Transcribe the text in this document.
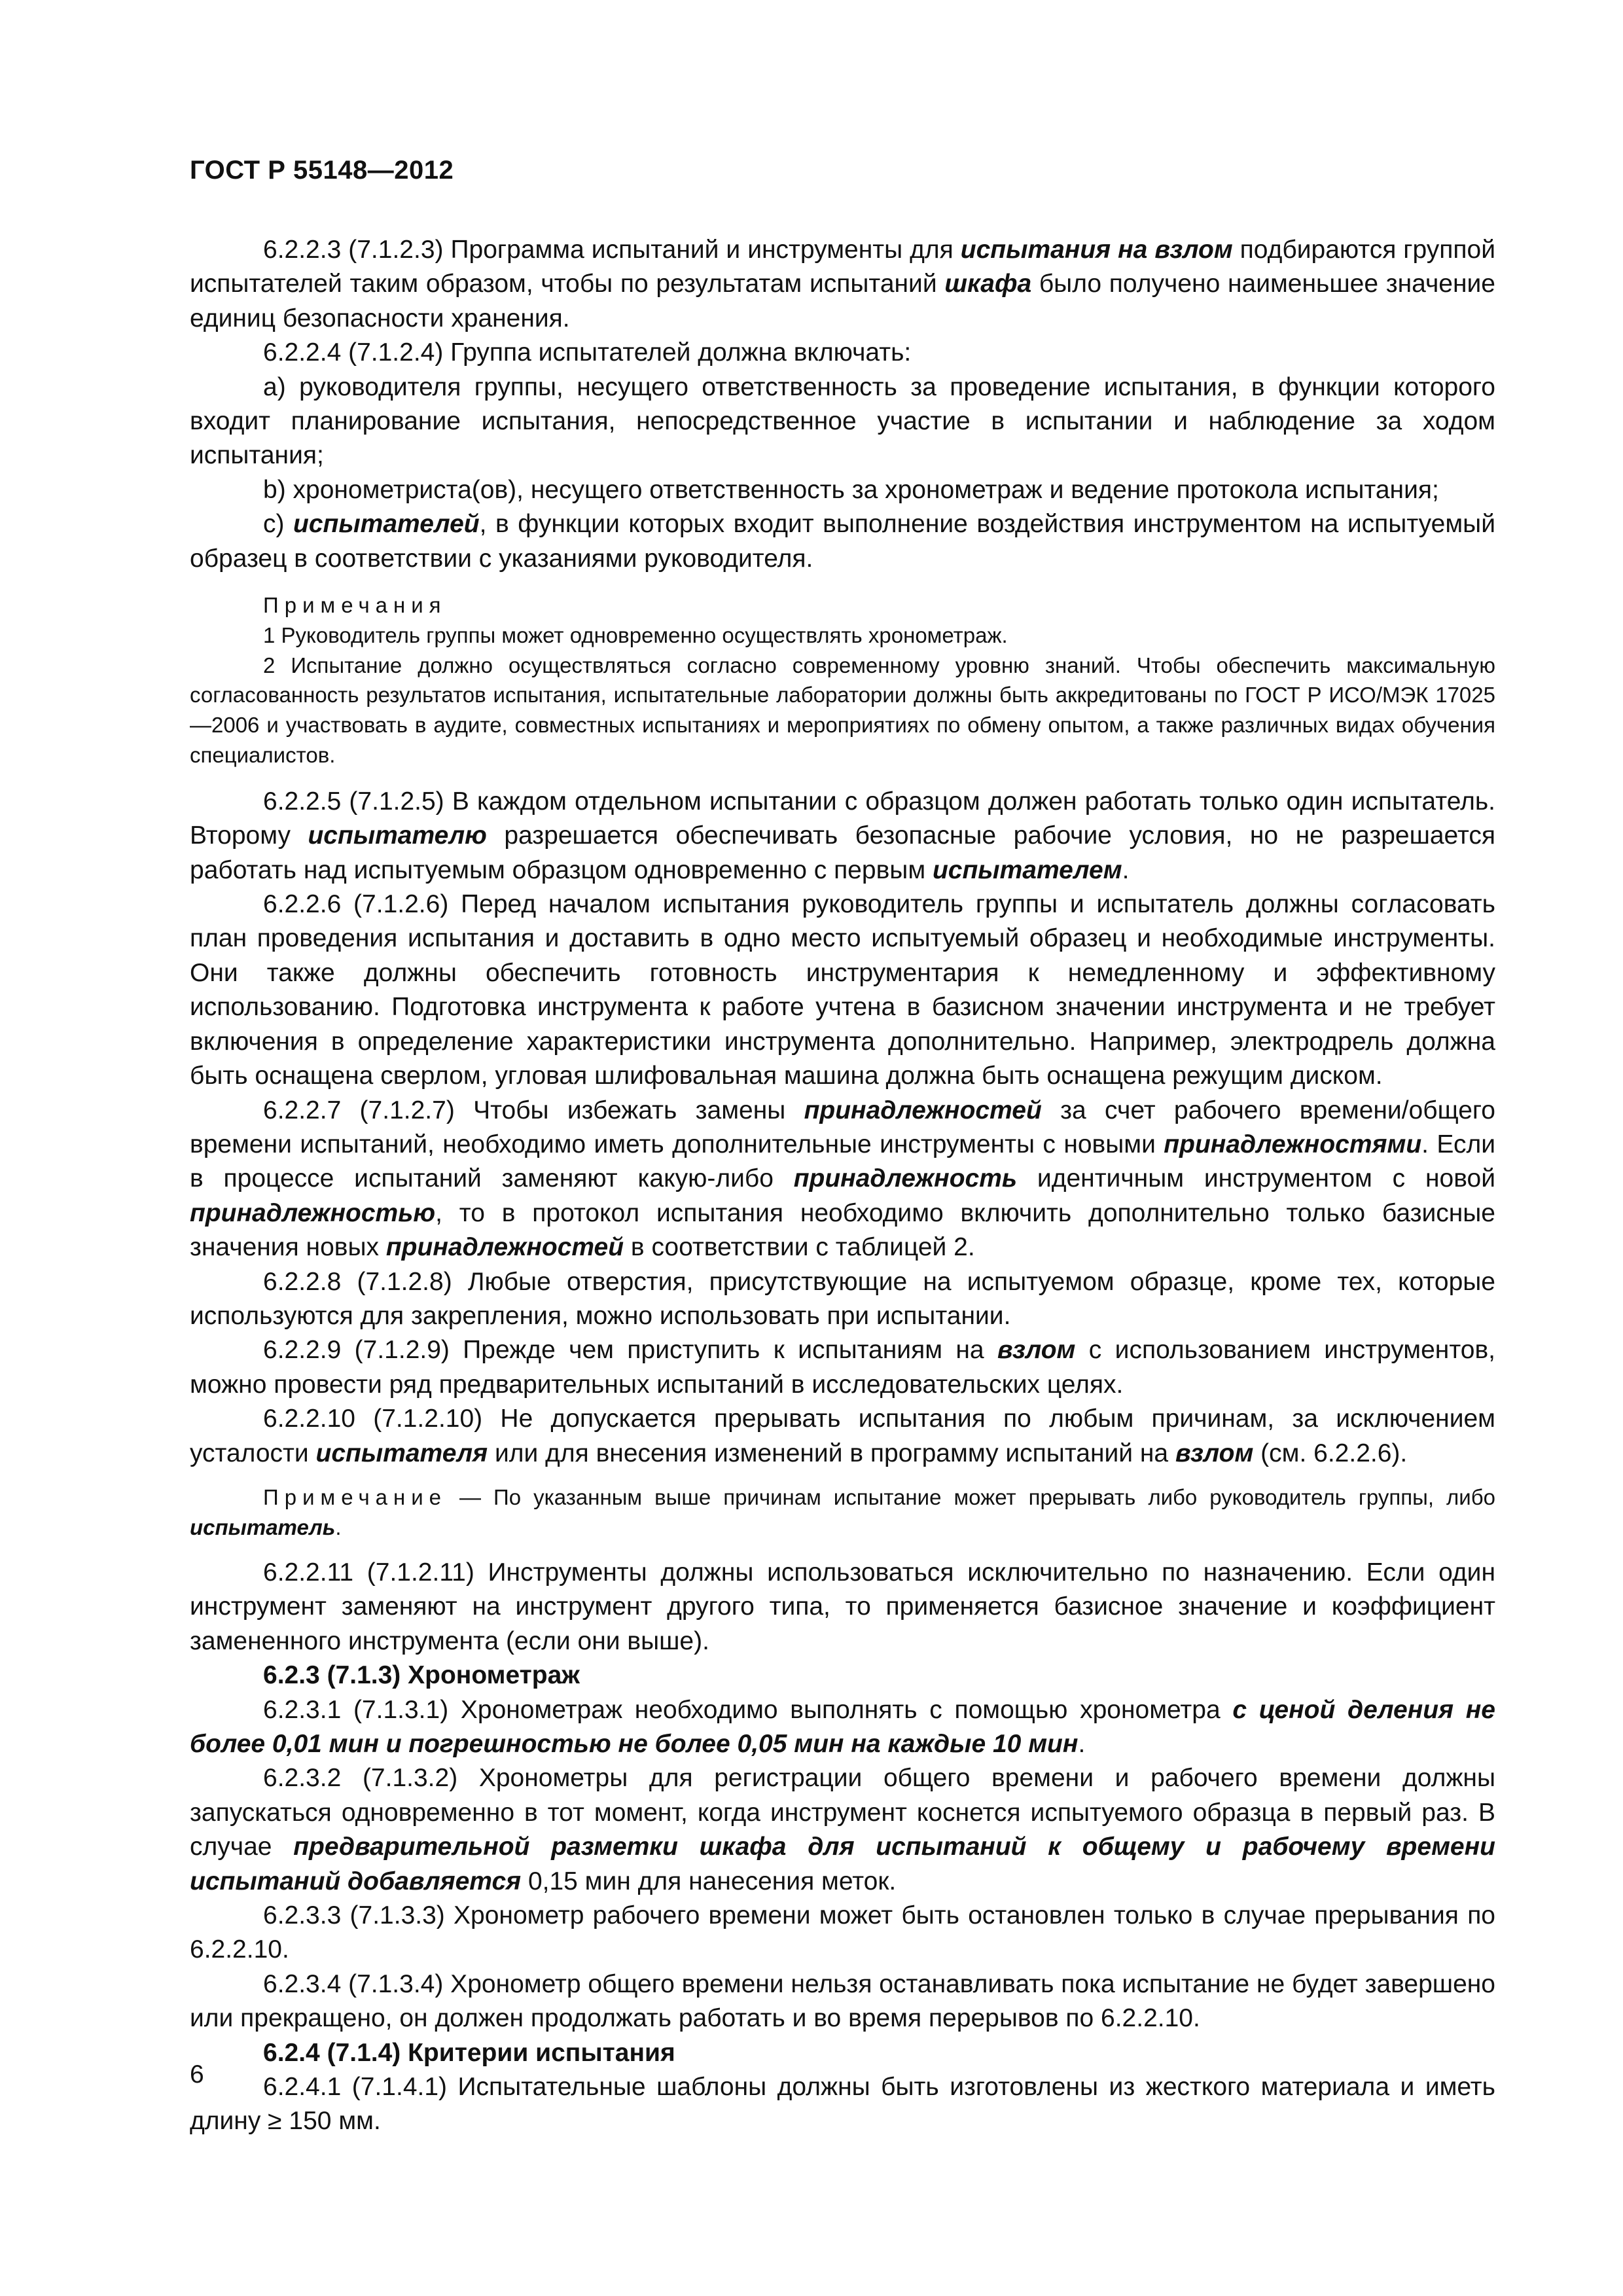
ГОСТ Р 55148—2012

6.2.2.3 (7.1.2.3) Программа испытаний и инструменты для испытания на взлом подбираются группой испытателей таким образом, чтобы по результатам испытаний шкафа было получено наименьшее значение единиц безопасности хранения.

6.2.2.4 (7.1.2.4) Группа испытателей должна включать:

a) руководителя группы, несущего ответственность за проведение испытания, в функции которого входит планирование испытания, непосредственное участие в испытании и наблюдение за ходом испытания;

b) хронометриста(ов), несущего ответственность за хронометраж и ведение протокола испытания;

c) испытателей, в функции которых входит выполнение воздействия инструментом на испытуемый образец в соответствии с указаниями руководителя.

Примечания

1 Руководитель группы может одновременно осуществлять хронометраж.

2 Испытание должно осуществляться согласно современному уровню знаний. Чтобы обеспечить максимальную согласованность результатов испытания, испытательные лаборатории должны быть аккредитованы по ГОСТ Р ИСО/МЭК 17025—2006 и участвовать в аудите, совместных испытаниях и мероприятиях по обмену опытом, а также различных видах обучения специалистов.

6.2.2.5 (7.1.2.5) В каждом отдельном испытании с образцом должен работать только один испытатель. Второму испытателю разрешается обеспечивать безопасные рабочие условия, но не разрешается работать над испытуемым образцом одновременно с первым испытателем.

6.2.2.6 (7.1.2.6) Перед началом испытания руководитель группы и испытатель должны согласовать план проведения испытания и доставить в одно место испытуемый образец и необходимые инструменты. Они также должны обеспечить готовность инструментария к немедленному и эффективному использованию. Подготовка инструмента к работе учтена в базисном значении инструмента и не требует включения в определение характеристики инструмента дополнительно. Например, электродрель должна быть оснащена сверлом, угловая шлифовальная машина должна быть оснащена режущим диском.

6.2.2.7 (7.1.2.7) Чтобы избежать замены принадлежностей за счет рабочего времени/общего времени испытаний, необходимо иметь дополнительные инструменты с новыми принадлежностями. Если в процессе испытаний заменяют какую-либо принадлежность идентичным инструментом с новой принадлежностью, то в протокол испытания необходимо включить дополнительно только базисные значения новых принадлежностей в соответствии с таблицей 2.

6.2.2.8 (7.1.2.8) Любые отверстия, присутствующие на испытуемом образце, кроме тех, которые используются для закрепления, можно использовать при испытании.

6.2.2.9 (7.1.2.9) Прежде чем приступить к испытаниям на взлом с использованием инструментов, можно провести ряд предварительных испытаний в исследовательских целях.

6.2.2.10 (7.1.2.10) Не допускается прерывать испытания по любым причинам, за исключением усталости испытателя или для внесения изменений в программу испытаний на взлом (см. 6.2.2.6).

Примечание — По указанным выше причинам испытание может прерывать либо руководитель группы, либо испытатель.

6.2.2.11 (7.1.2.11) Инструменты должны использоваться исключительно по назначению. Если один инструмент заменяют на инструмент другого типа, то применяется базисное значение и коэффициент замененного инструмента (если они выше).

6.2.3 (7.1.3) Хронометраж

6.2.3.1 (7.1.3.1) Хронометраж необходимо выполнять с помощью хронометра с ценой деления не более 0,01 мин и погрешностью не более 0,05 мин на каждые 10 мин.

6.2.3.2 (7.1.3.2) Хронометры для регистрации общего времени и рабочего времени должны запускаться одновременно в тот момент, когда инструмент коснется испытуемого образца в первый раз. В случае предварительной разметки шкафа для испытаний к общему и рабочему времени испытаний добавляется 0,15 мин для нанесения меток.

6.2.3.3 (7.1.3.3) Хронометр рабочего времени может быть остановлен только в случае прерывания по 6.2.2.10.

6.2.3.4 (7.1.3.4) Хронометр общего времени нельзя останавливать пока испытание не будет завершено или прекращено, он должен продолжать работать и во время перерывов по 6.2.2.10.

6.2.4 (7.1.4) Критерии испытания

6.2.4.1 (7.1.4.1) Испытательные шаблоны должны быть изготовлены из жесткого материала и иметь длину ≥ 150 мм.

6
